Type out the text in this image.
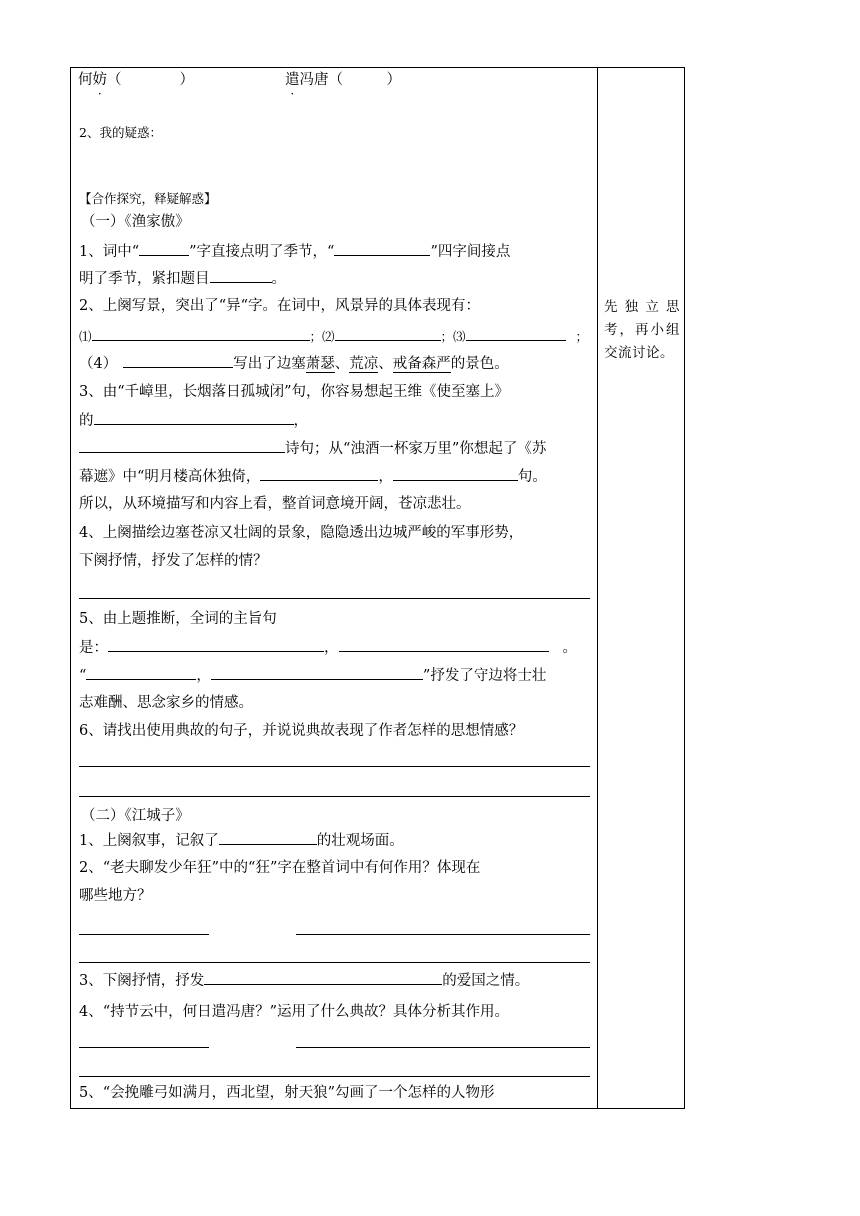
何妨（　　　　）	遣冯唐（　　　）
2、我的疑惑：
【合作探究，释疑解惑】
（一）《渔家傲》
1、词中“	”字直接点明了季节，“	”四字间接点
明了季节，紧扣题目	。
2、上阕写景，突出了“异“字。在词中，风景异的具体表现有：
⑴	；⑵	；⑶	；
（4）	写出了边塞萧瑟、荒凉、戒备森严的景色。
3、由“千嶂里，长烟落日孤城闭”句，你容易想起王维《使至塞上》
的	，
诗句；从“浊酒一杯家万里”你想起了《苏
幕遮》中“明月楼高休独倚，	，	句。
所以，从环境描写和内容上看，整首词意境开阔，苍凉悲壮。
4、上阕描绘边塞苍凉又壮阔的景象，隐隐透出边城严峻的军事形势，
下阕抒情，抒发了怎样的情？
5、由上题推断，全词的主旨句
是：	，	。
“	，	”抒发了守边将士壮
志难酬、思念家乡的情感。
6、请找出使用典故的句子，并说说典故表现了作者怎样的思想情感？
（二）《江城子》
1、上阕叙事，记叙了	的壮观场面。
2、“老夫聊发少年狂”中的“狂”字在整首词中有何作用？体现在
哪些地方？
3、下阕抒情，抒发	的爱国之情。
4、“持节云中，何日遣冯唐？”运用了什么典故？具体分析其作用。
5、“会挽雕弓如满月，西北望，射天狼”勾画了一个怎样的人物形
先独立思考，再小组交流讨论。
